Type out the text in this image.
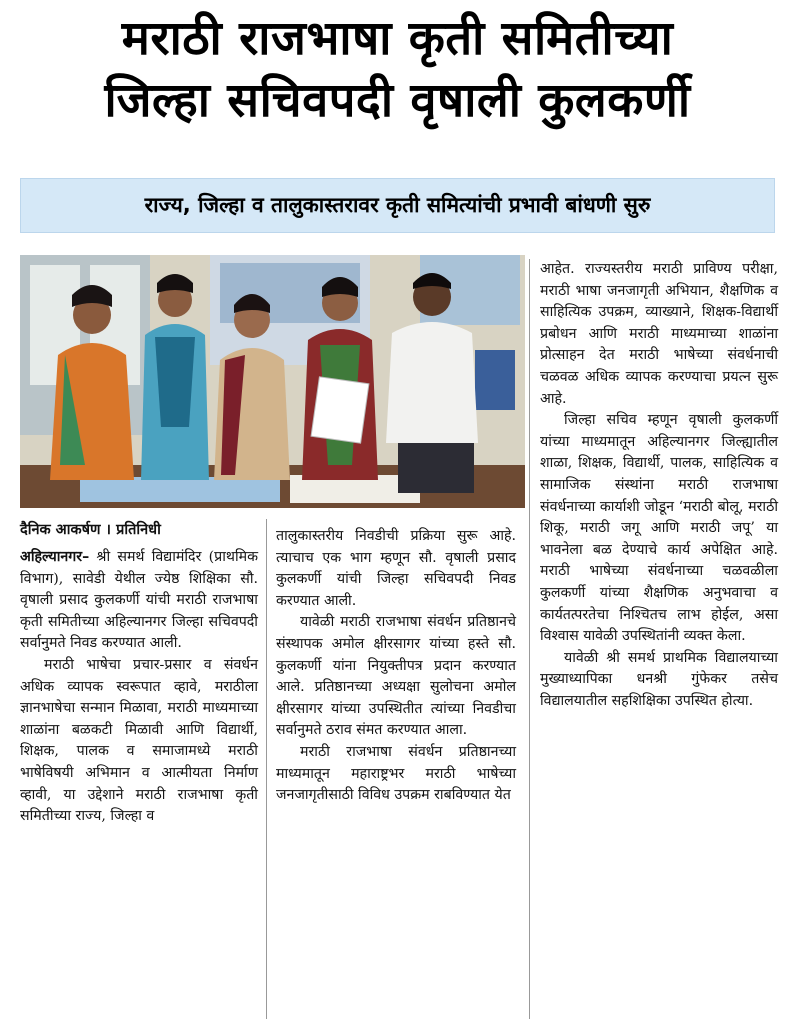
मराठी राजभाषा कृती समितीच्या
जिल्हा सचिवपदी वृषाली कुलकर्णी
राज्य, जिल्हा व तालुकास्तरावर कृती समित्यांची प्रभावी बांधणी सुरु
दैनिक आकर्षण । प्रतिनिधी

अहिल्यानगर– श्री समर्थ विद्यामंदिर (प्राथमिक विभाग), सावेडी येथील ज्येष्ठ शिक्षिका सौ. वृषाली प्रसाद कुलकर्णी यांची मराठी राजभाषा कृती समितीच्या अहिल्यानगर जिल्हा सचिवपदी सर्वानुमते निवड करण्यात आली.

मराठी भाषेचा प्रचार-प्रसार व संवर्धन अधिक व्यापक स्वरूपात व्हावे, मराठीला ज्ञानभाषेचा सन्मान मिळावा, मराठी माध्यमाच्या शाळांना बळकटी मिळावी आणि विद्यार्थी, शिक्षक, पालक व समाजामध्ये मराठी भाषेविषयी अभिमान व आत्मीयता निर्माण व्हावी, या उद्देशाने मराठी राजभाषा कृती समितीच्या राज्य, जिल्हा व

तालुकास्तरीय निवडीची प्रक्रिया सुरू आहे. त्याचाच एक भाग म्हणून सौ. वृषाली प्रसाद कुलकर्णी यांची जिल्हा सचिवपदी निवड करण्यात आली.

यावेळी मराठी राजभाषा संवर्धन प्रतिष्ठानचे संस्थापक अमोल क्षीरसागर यांच्या हस्ते सौ. कुलकर्णी यांना नियुक्तीपत्र प्रदान करण्यात आले. प्रतिष्ठानच्या अध्यक्षा सुलोचना अमोल क्षीरसागर यांच्या उपस्थितीत त्यांच्या निवडीचा सर्वानुमते ठराव संमत करण्यात आला.

मराठी राजभाषा संवर्धन प्रतिष्ठानच्या माध्यमातून महाराष्ट्रभर मराठी भाषेच्या जनजागृतीसाठी विविध उपक्रम राबविण्यात येत

आहेत. राज्यस्तरीय मराठी प्राविण्य परीक्षा, मराठी भाषा जनजागृती अभियान, शैक्षणिक व साहित्यिक उपक्रम, व्याख्याने, शिक्षक-विद्यार्थी प्रबोधन आणि मराठी माध्यमाच्या शाळांना प्रोत्साहन देत मराठी भाषेच्या संवर्धनाची चळवळ अधिक व्यापक करण्याचा प्रयत्न सुरू आहे.

जिल्हा सचिव म्हणून वृषाली कुलकर्णी यांच्या माध्यमातून अहिल्यानगर जिल्ह्यातील शाळा, शिक्षक, विद्यार्थी, पालक, साहित्यिक व सामाजिक संस्थांना मराठी राजभाषा संवर्धनाच्या कार्याशी जोडून ‘मराठी बोलू, मराठी शिकू, मराठी जगू आणि मराठी जपू’ या भावनेला बळ देण्याचे कार्य अपेक्षित आहे. मराठी भाषेच्या संवर्धनाच्या चळवळीला कुलकर्णी यांच्या शैक्षणिक अनुभवाचा व कार्यतत्परतेचा निश्चितच लाभ होईल, असा विश्वास यावेळी उपस्थितांनी व्यक्त केला.

यावेळी श्री समर्थ प्राथमिक विद्यालयाच्या मुख्याध्यापिका धनश्री गुंफेकर तसेच विद्यालयातील सहशिक्षिका उपस्थित होत्या.
